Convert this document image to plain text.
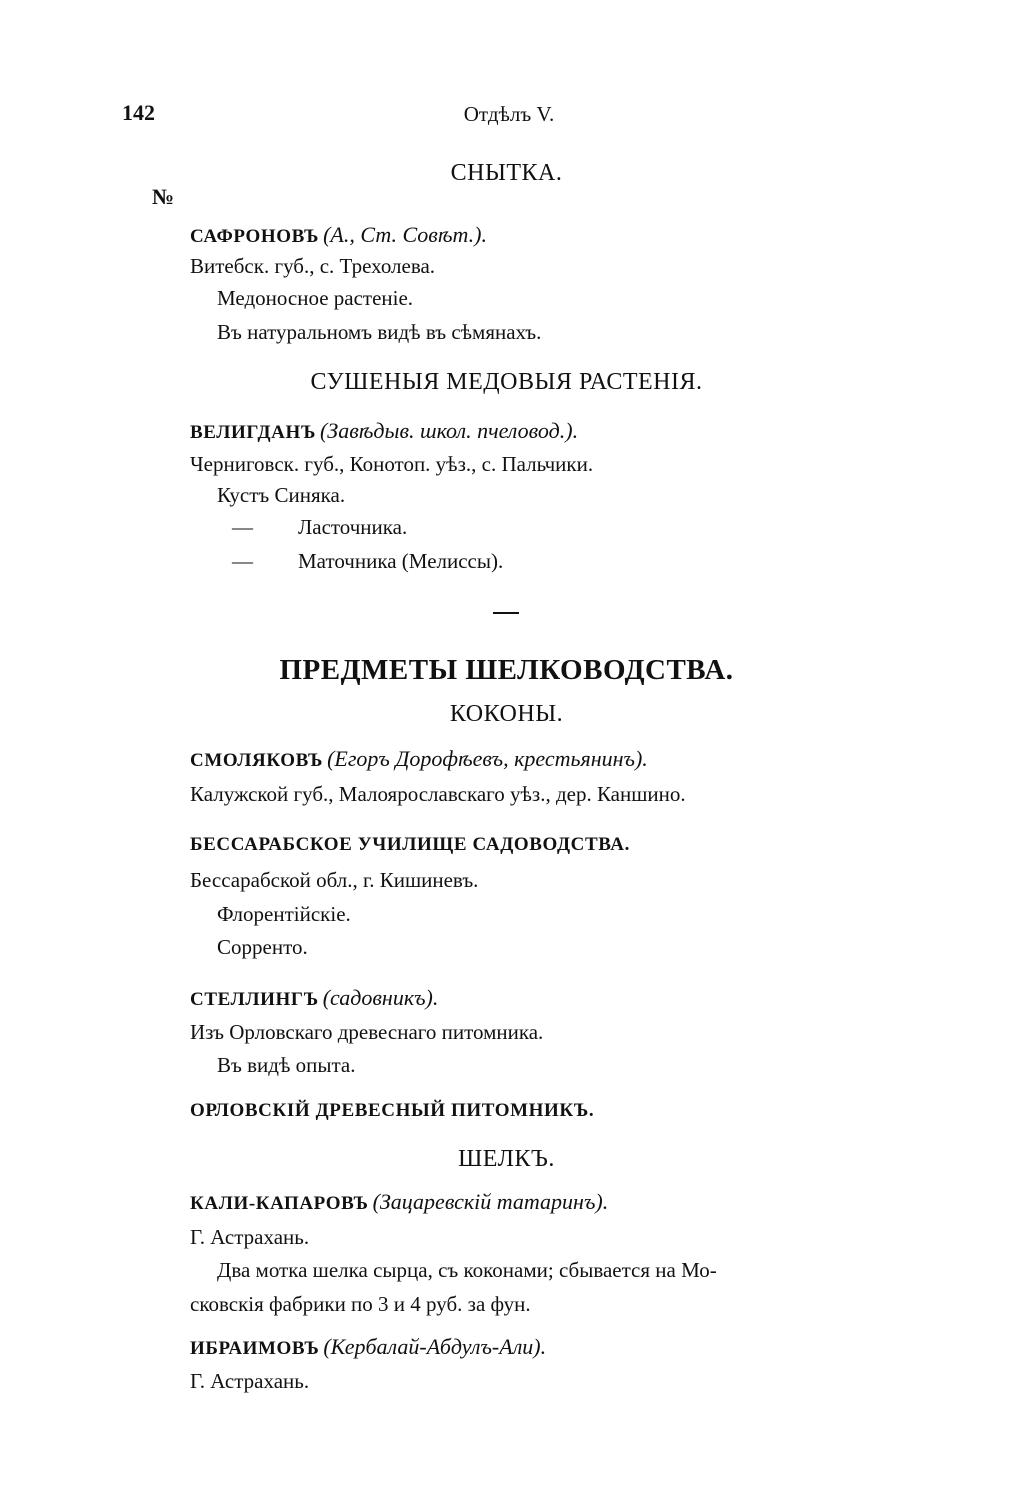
142	Отдѣлъ V.
СНЫТКА.
№
САФРОНОВЪ (А., Ст. Совѣт.).
Витебск. губ., с. Трехолева.
Медоносное растеніе.
Въ натуральномъ видѣ въ сѣмянахъ.
СУШЕНЫЯ МЕДОВЫЯ РАСТЕНІЯ.
ВЕЛИГДАНЪ (Завѣдыв. школ. пчеловод.).
Черниговск. губ., Конотоп. уѣз., с. Пальчики.
Кустъ Синяка.
— Ласточника.
— Маточника (Мелиссы).
ПРЕДМЕТЫ ШЕЛКОВОДСТВА.
КОКОНЫ.
СМОЛЯКОВЪ (Егоръ Дорофѣевъ, крестьянинъ).
Калужской губ., Малоярославскаго уѣз., дер. Каншино.
БЕССАРАБСКОЕ УЧИЛИЩЕ САДОВОДСТВА.
Бессарабской обл., г. Кишиневъ.
Флорентійскіе.
Сорренто.
СТЕЛЛИНГЪ (садовникъ).
Изъ Орловскаго древеснаго питомника.
Въ видѣ опыта.
ОРЛОВСКІЙ ДРЕВЕСНЫЙ ПИТОМНИКЪ.
ШЕЛКЪ.
КАЛИ-КАПАРОВЪ (Зацаревскій татаринъ).
Г. Астрахань.
Два мотка шелка сырца, съ коконами; сбывается на Мо-
сковскія фабрики по 3 и 4 руб. за фун.
ИБРАИМОВЪ (Кербалай-Абдулъ-Али).
Г. Астрахань.
